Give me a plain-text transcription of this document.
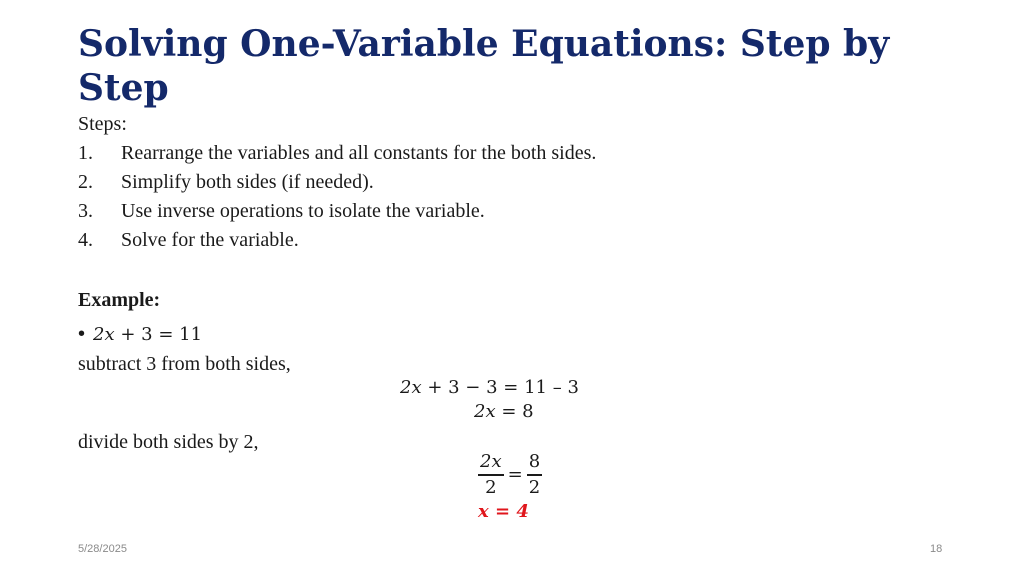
Solving One-Variable Equations: Step by Step
Steps:
1. Rearrange the variables and all constants for the both sides.
2. Simplify both sides (if needed).
3. Use inverse operations to isolate the variable.
4. Solve for the variable.
Example:
• 2x + 3 = 11
subtract 3 from both sides,
2x + 3 − 3 = 11 – 3
2x = 8
divide both sides by 2,
$\frac{2x}{2} = \frac{8}{2}$
x = 4
5/28/2025	18
